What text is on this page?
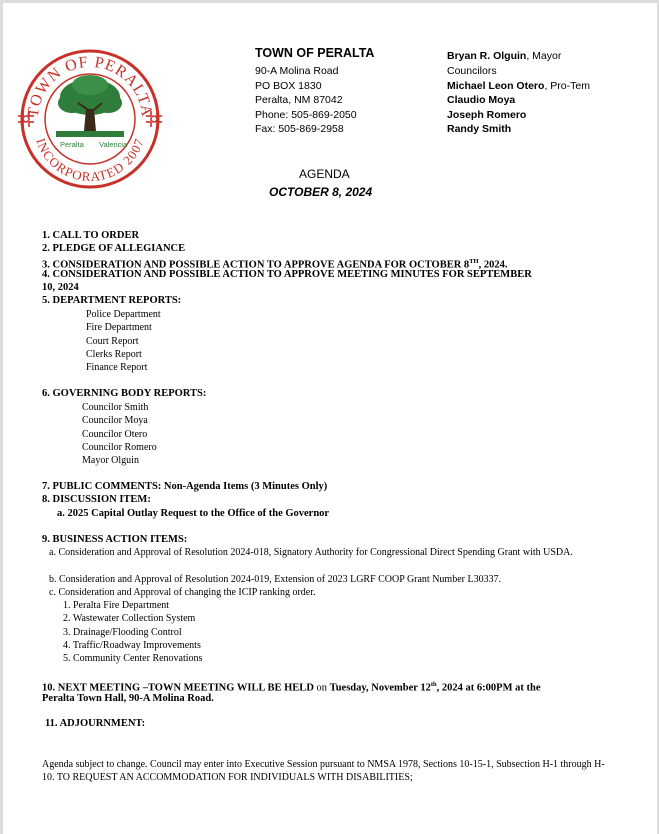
TOWN OF PERALTA
INCORPORATED 2007
Peralta Valencia
TOWN OF PERALTA
90-A Molina Road
PO BOX 1830
Peralta, NM 87042
Phone: 505-869-2050
Fax: 505-869-2958
Bryan R. Olguin, Mayor
Councilors
Michael Leon Otero, Pro-Tem
Claudio Moya
Joseph Romero
Randy Smith
AGENDA
OCTOBER 8, 2024
1. CALL TO ORDER
2. PLEDGE OF ALLEGIANCE
3. CONSIDERATION AND POSSIBLE ACTION TO APPROVE AGENDA FOR OCTOBER 8TH, 2024.
4. CONSIDERATION AND POSSIBLE ACTION TO APPROVE MEETING MINUTES FOR SEPTEMBER
10, 2024
5. DEPARTMENT REPORTS:
Police Department
Fire Department
Court Report
Clerks Report
Finance Report
6. GOVERNING BODY REPORTS:
Councilor Smith
Councilor Moya
Councilor Otero
Councilor Romero
Mayor Olguin
7. PUBLIC COMMENTS: Non-Agenda Items (3 Minutes Only)
8. DISCUSSION ITEM:
a. 2025 Capital Outlay Request to the Office of the Governor
9. BUSINESS ACTION ITEMS:
a. Consideration and Approval of Resolution 2024-018, Signatory Authority for Congressional Direct Spending Grant with USDA.
b. Consideration and Approval of Resolution 2024-019, Extension of 2023 LGRF COOP Grant Number L30337.
c. Consideration and Approval of changing the ICIP ranking order.
1. Peralta Fire Department
2. Wastewater Collection System
3. Drainage/Flooding Control
4. Traffic/Roadway Improvements
5. Community Center Renovations
10. NEXT MEETING –TOWN MEETING WILL BE HELD on Tuesday, November 12th, 2024 at 6:00PM at the
Peralta Town Hall, 90-A Molina Road.
11. ADJOURNMENT:
Agenda subject to change. Council may enter into Executive Session pursuant to NMSA 1978, Sections 10-15-1, Subsection H-1 through H-10. TO REQUEST AN ACCOMMODATION FOR INDIVIDUALS WITH DISABILITIES;
